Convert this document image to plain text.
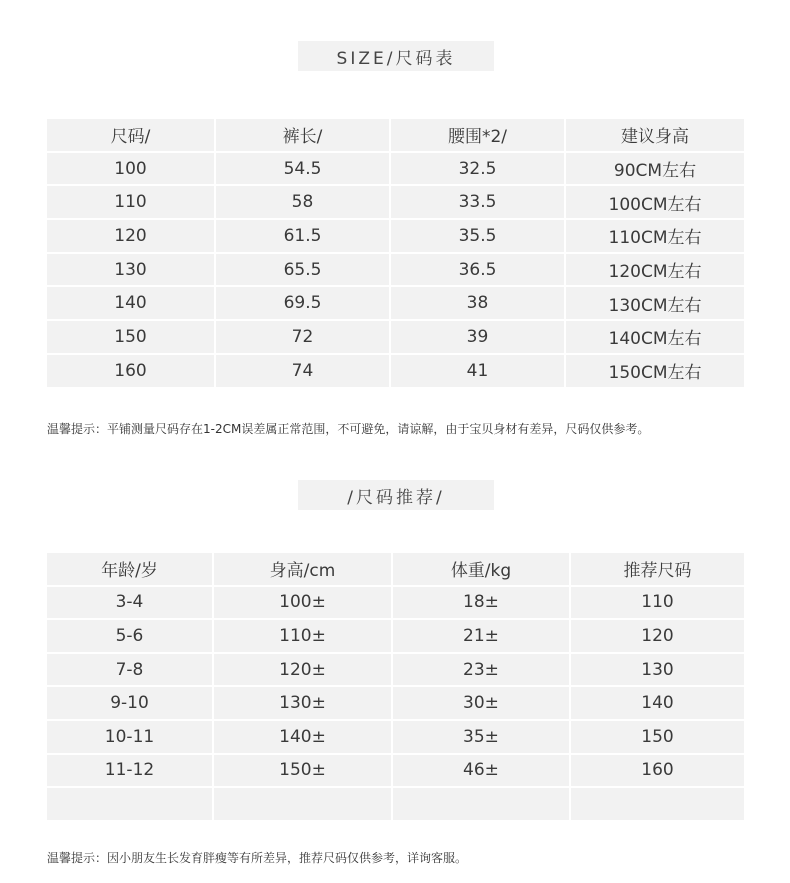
SIZE/尺码表
尺码/	裤长/	腰围*2/	建议身高
100	54.5	32.5	90CM左右
110	58	33.5	100CM左右
120	61.5	35.5	110CM左右
130	65.5	36.5	120CM左右
140	69.5	38	130CM左右
150	72	39	140CM左右
160	74	41	150CM左右
温馨提示：平铺测量尺码存在1-2CM误差属正常范围，不可避免，请谅解，由于宝贝身材有差异，尺码仅供参考。
/尺码推荐/
年龄/岁	身高/cm	体重/kg	推荐尺码
3-4	100±	18±	110
5-6	110±	21±	120
7-8	120±	23±	130
9-10	130±	30±	140
10-11	140±	35±	150
11-12	150±	46±	160
温馨提示：因小朋友生长发育胖瘦等有所差异，推荐尺码仅供参考，详询客服。
